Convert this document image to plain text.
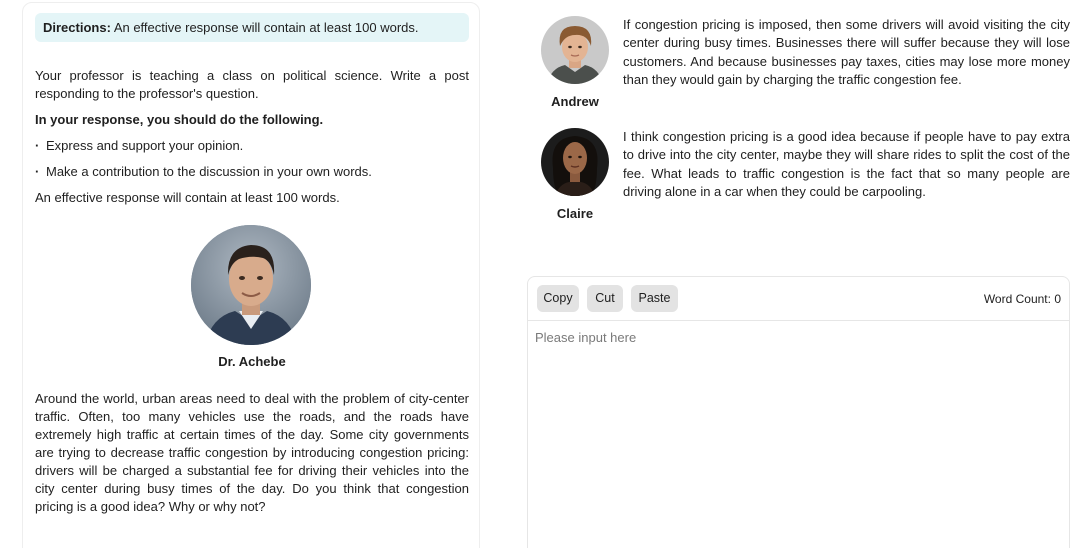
Directions: An effective response will contain at least 100 words.
Your professor is teaching a class on political science. Write a post responding to the professor's question.
In your response, you should do the following.
· Express and support your opinion.
· Make a contribution to the discussion in your own words.
An effective response will contain at least 100 words.
Dr. Achebe
Around the world, urban areas need to deal with the problem of city-center traffic. Often, too many vehicles use the roads, and the roads have extremely high traffic at certain times of the day. Some city governments are trying to decrease traffic congestion by introducing congestion pricing: drivers will be charged a substantial fee for driving their vehicles into the city center during busy times of the day. Do you think that congestion pricing is a good idea? Why or why not?
Andrew
If congestion pricing is imposed, then some drivers will avoid visiting the city center during busy times. Businesses there will suffer because they will lose customers. And because businesses pay taxes, cities may lose more money than they would gain by charging the traffic congestion fee.
Claire
I think congestion pricing is a good idea because if people have to pay extra to drive into the city center, maybe they will share rides to split the cost of the fee. What leads to traffic congestion is the fact that so many people are driving alone in a car when they could be carpooling.
Copy	Cut	Paste	Word Count: 0
Please input here
